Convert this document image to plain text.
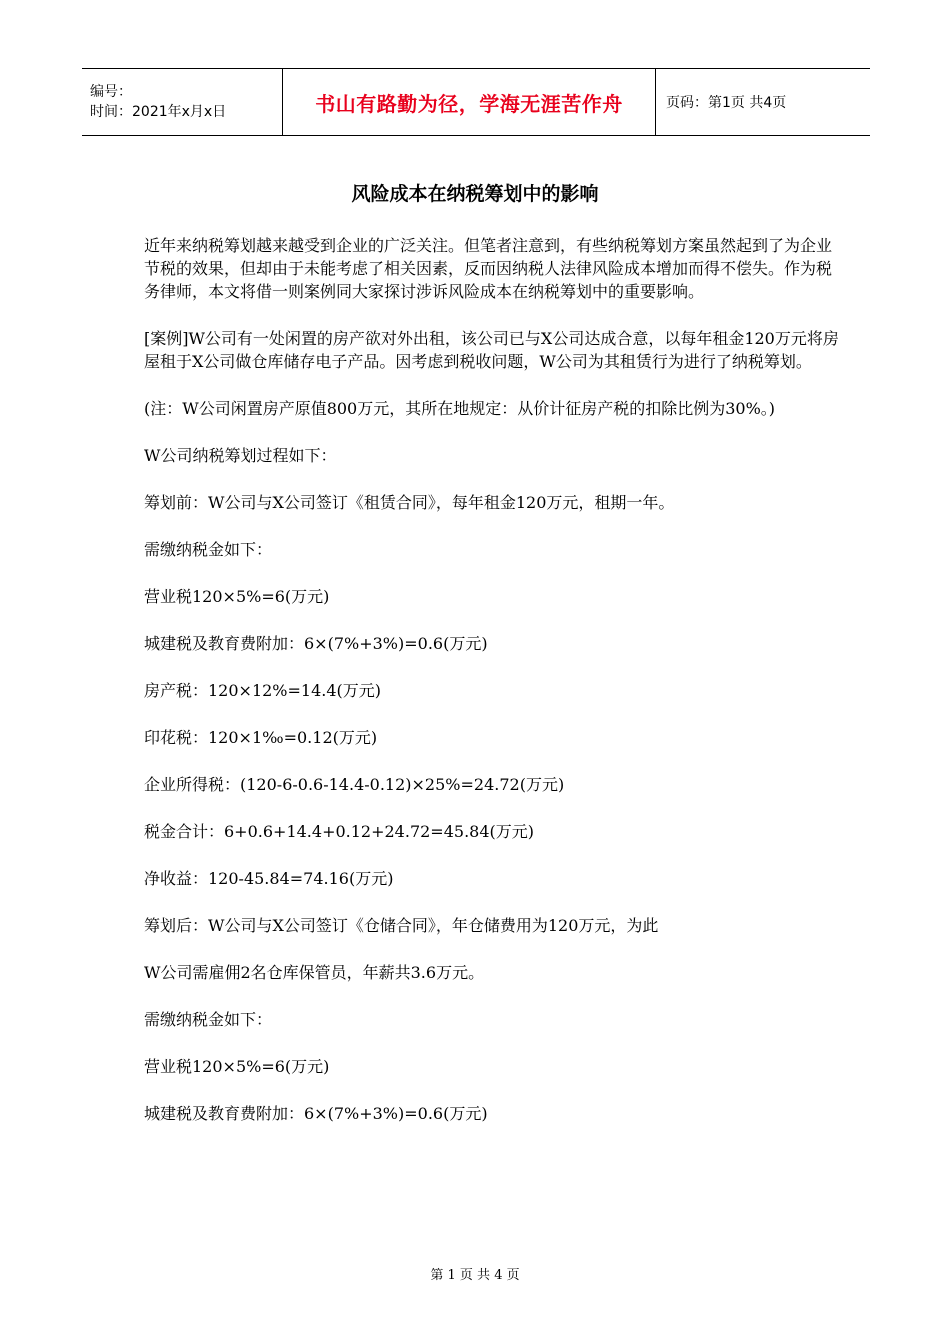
编号：
时间：2021年x月x日	书山有路勤为径，学海无涯苦作舟	页码：第1页 共4页
风险成本在纳税筹划中的影响

近年来纳税筹划越来越受到企业的广泛关注。但笔者注意到，有些纳税筹划方案虽然起到了为企业节税的效果，但却由于未能考虑了相关因素，反而因纳税人法律风险成本增加而得不偿失。作为税务律师，本文将借一则案例同大家探讨涉诉风险成本在纳税筹划中的重要影响。

[案例]W公司有一处闲置的房产欲对外出租，该公司已与X公司达成合意，以每年租金120万元将房屋租于X公司做仓库储存电子产品。因考虑到税收问题，W公司为其租赁行为进行了纳税筹划。

(注：W公司闲置房产原值800万元，其所在地规定：从价计征房产税的扣除比例为30%。)

W公司纳税筹划过程如下：
筹划前：W公司与X公司签订《租赁合同》，每年租金120万元，租期一年。
需缴纳税金如下：
营业税120×5%=6(万元)
城建税及教育费附加：6×(7%+3%)=0.6(万元)
房产税：120×12%=14.4(万元)
印花税：120×1‰=0.12(万元)
企业所得税：(120-6-0.6-14.4-0.12)×25%=24.72(万元)
税金合计：6+0.6+14.4+0.12+24.72=45.84(万元)
净收益：120-45.84=74.16(万元)
筹划后：W公司与X公司签订《仓储合同》，年仓储费用为120万元，为此
W公司需雇佣2名仓库保管员，年薪共3.6万元。
需缴纳税金如下：
营业税120×5%=6(万元)
城建税及教育费附加：6×(7%+3%)=0.6(万元)
第 1 页 共 4 页
